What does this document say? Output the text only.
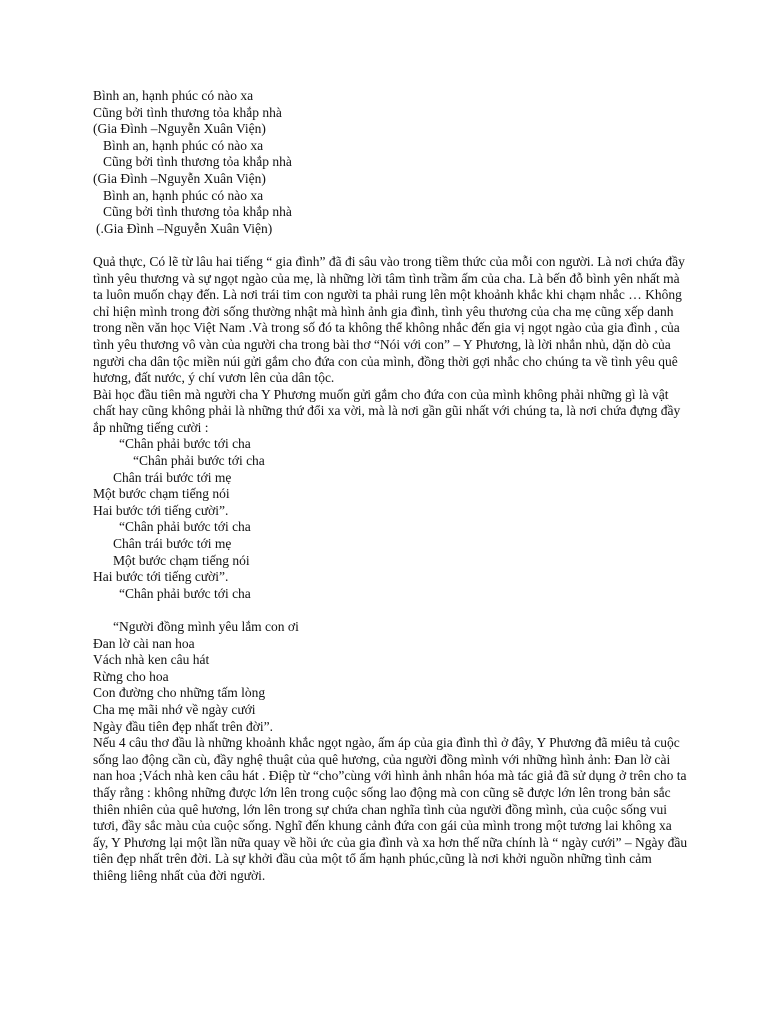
Bình an, hạnh phúc có nào xa
Cũng bởi tình thương tỏa khắp nhà
(Gia Đình –Nguyễn Xuân Viện)
Bình an, hạnh phúc có nào xa
Cũng bởi tình thương tỏa khắp nhà
(Gia Đình –Nguyễn Xuân Viện)
Bình an, hạnh phúc có nào xa
Cũng bởi tình thương tỏa khắp nhà
(.Gia Đình –Nguyễn Xuân Viện)

Quả thực, Có lẽ từ lâu hai tiếng “ gia đình” đã đi sâu vào trong tiềm thức của mỗi con người. Là nơi chứa đầy tình yêu thương và sự ngọt ngào của mẹ, là những lời tâm tình trầm ấm của cha. Là bến đỗ bình yên nhất mà ta luôn muốn chạy đến. Là nơi trái tim con người ta phải rung lên một khoảnh khắc khi chạm nhắc … Không chỉ hiện mình trong đời sống thường nhật mà hình ảnh gia đình, tình yêu thương của cha mẹ cũng xếp danh trong nền văn học Việt Nam .Và trong số đó ta không thể không nhắc đến gia vị ngọt ngào của gia đình , của tình yêu thương vô vàn của người cha trong bài thơ “Nói với con” – Y Phương, là lời nhắn nhủ, dặn dò của người cha dân tộc miền núi gửi gắm cho đứa con của mình, đồng thời gợi nhắc cho chúng ta về tình yêu quê hương, đất nước, ý chí vươn lên của dân tộc.

Bài học đầu tiên mà người cha Y Phương muốn gửi gắm cho đứa con của mình không phải những gì là vật chất hay cũng không phải là những thứ đổi xa vời, mà là nơi gần gũi nhất với chúng ta, là nơi chứa đựng đầy ắp những tiếng cười :

“Chân phải bước tới cha
“Chân phải bước tới cha
Chân trái bước tới mẹ
Một bước chạm tiếng nói
Hai bước tới tiếng cười”.
“Chân phải bước tới cha
Chân trái bước tới mẹ
Một bước chạm tiếng nói
Hai bước tới tiếng cười”.
“Chân phải bước tới cha
“Người đồng mình yêu lắm con ơi
Đan lờ cài nan hoa
Vách nhà ken câu hát
Rừng cho hoa
Con đường cho những tấm lòng
Cha mẹ mãi nhớ về ngày cưới
Ngày đầu tiên đẹp nhất trên đời”.

Nếu 4 câu thơ đầu là những khoảnh khắc ngọt ngào, ấm áp của gia đình thì ở đây, Y Phương đã miêu tả cuộc sống lao động cần cù, đầy nghệ thuật của quê hương, của người đồng mình với những hình ảnh: Đan lờ cài nan hoa ;Vách nhà ken câu hát . Điệp từ “cho”cùng với hình ảnh nhân hóa mà tác giả đã sử dụng ở trên cho ta thấy rằng : không những được lớn lên trong cuộc sống lao động mà con cũng sẽ được lớn lên trong bản sắc thiên nhiên của quê hương, lớn lên trong sự chứa chan nghĩa tình của người đồng mình, của cuộc sống vui tươi, đầy sắc màu của cuộc sống. Nghĩ đến khung cảnh đứa con gái của mình trong một tương lai không xa ấy, Y Phương lại một lần nữa quay về hồi ức của gia đình và xa hơn thế nữa chính là “ ngày cưới” – Ngày đầu tiên đẹp nhất trên đời. Là sự khởi đầu của một tổ ấm hạnh phúc,cũng là nơi khởi nguồn những tình cảm thiêng liêng nhất của đời người.
